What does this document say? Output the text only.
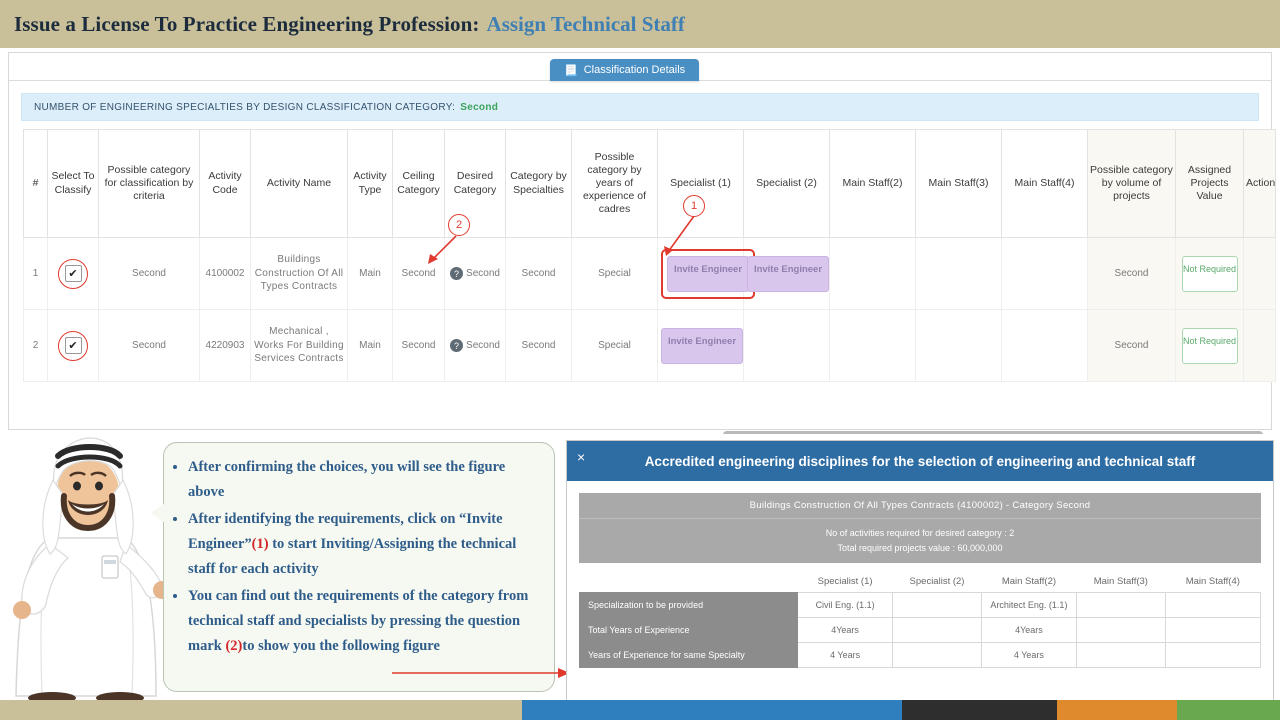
Issue a License To Practice Engineering Profession: Assign Technical Staff
📃 Classification Details
NUMBER OF ENGINEERING SPECIALTIES BY DESIGN CLASSIFICATION CATEGORY: Second
#	Select To Classify	Possible category for classification by criteria	Activity Code	Activity Name	Activity Type	Ceiling Category	Desired Category	Category by Specialties	Possible category by years of experience of cadres	Specialist (1)	Specialist (2)	Main Staff(2)	Main Staff(3)	Main Staff(4)	Possible category by volume of projects	Assigned Projects Value	Action
1	✔	Second	4100002	Buildings Construction Of All Types Contracts	Main	Second	? Second	Second	Special	Invite Engineer	Invite Engineer				Second	Not Required	
2	✔	Second	4220903	Mechanical , Works For Building Services Contracts	Main	Second	? Second	Second	Special	Invite Engineer					Second	Not Required	
1
2
• After confirming the choices, you will see the figure above
• After identifying the requirements, click on “Invite Engineer”(1) to start Inviting/Assigning the technical staff for each activity
• You can find out the requirements of the category from technical staff and specialists by pressing the question mark (2)to show you the following figure
×	Accredited engineering disciplines for the selection of engineering and technical staff
Buildings Construction Of All Types Contracts (4100002) - Category Second
No of activities required for desired category : 2
Total required projects value : 60,000,000
	Specialist (1)	Specialist (2)	Main Staff(2)	Main Staff(3)	Main Staff(4)
Specialization to be provided	Civil Eng. (1.1)		Architect Eng. (1.1)		
Total Years of Experience	4Years		4Years		
Years of Experience for same Specialty	4 Years		4 Years		
